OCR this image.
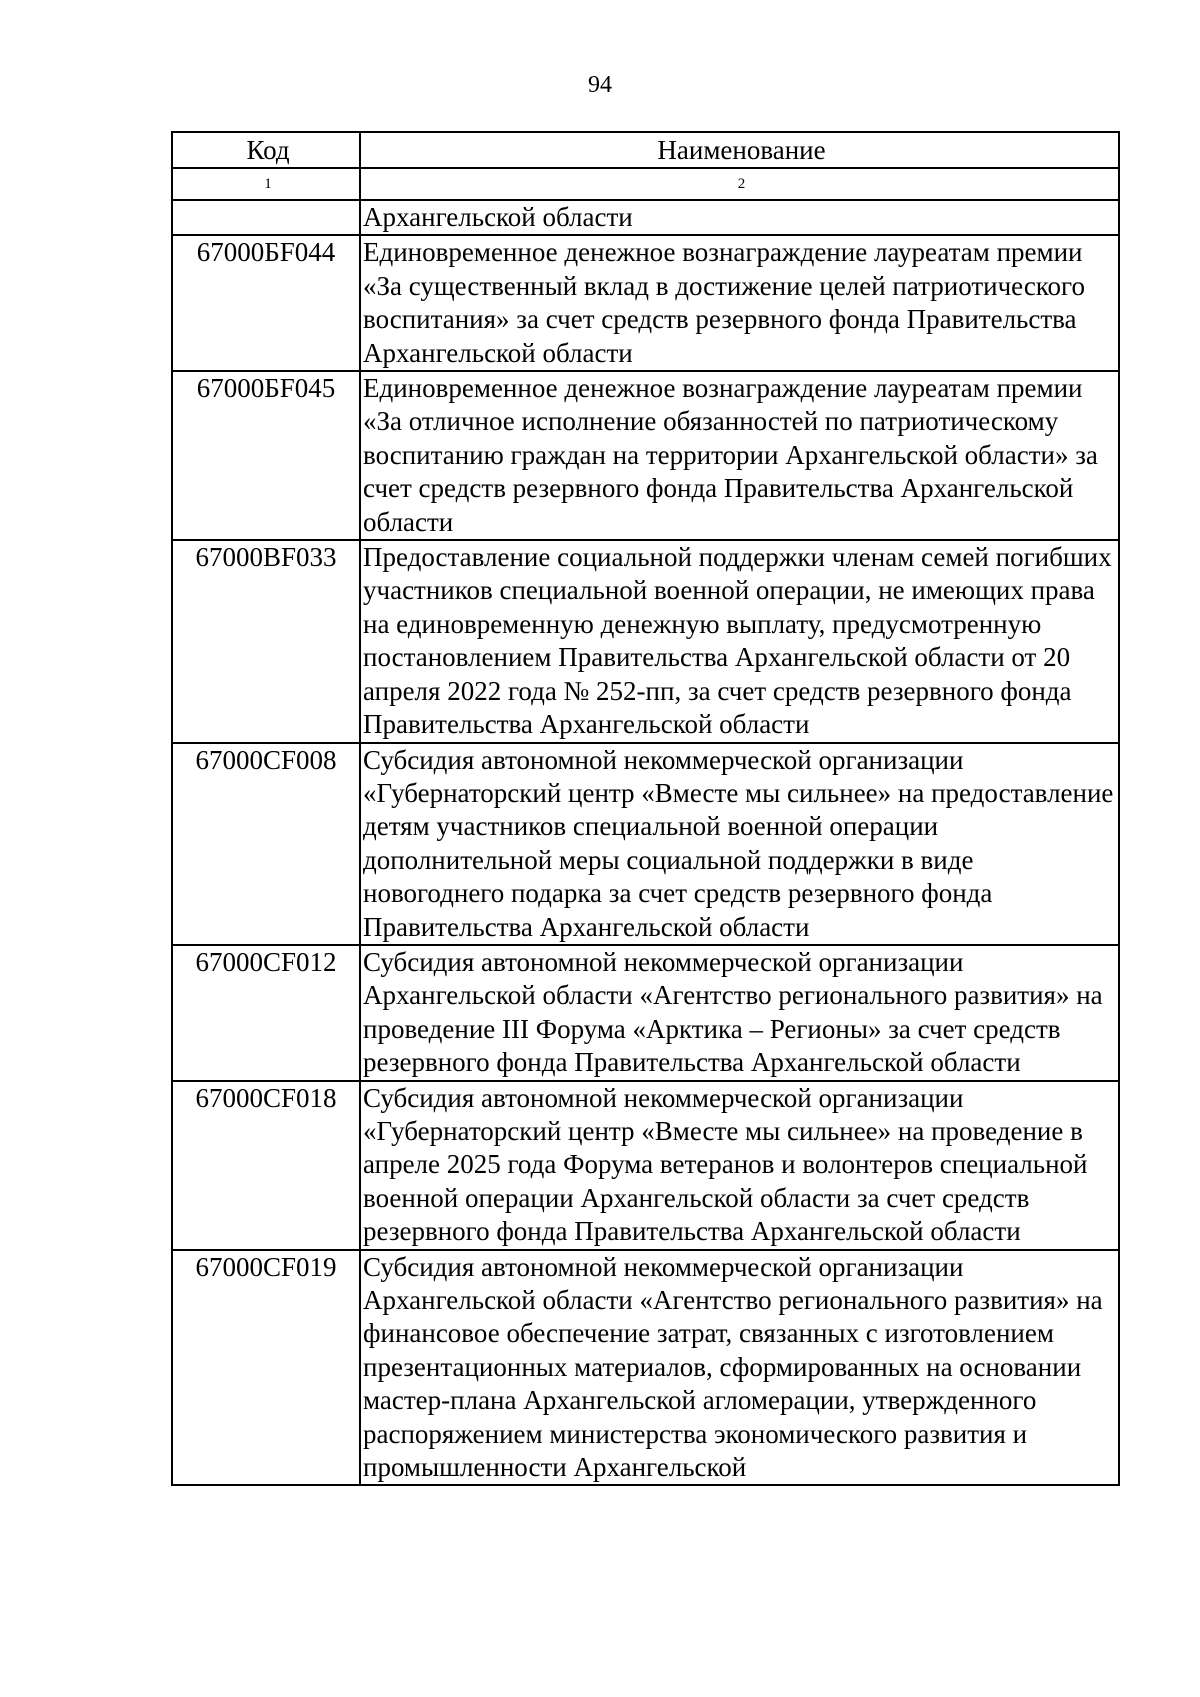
94
Код	Наименование
1	2
	Архангельской области
67000БF044	Единовременное денежное вознаграждение лауреатам премии «За существенный вклад в достижение целей патриотического воспитания» за счет средств резервного фонда Правительства Архангельской области
67000БF045	Единовременное денежное вознаграждение лауреатам премии «За отличное исполнение обязанностей по патриотическому воспитанию граждан на территории Архангельской области» за счет средств резервного фонда Правительства Архангельской области
67000ВF033	Предоставление социальной поддержки членам семей погибших участников специальной военной операции, не имеющих права на единовременную денежную выплату, предусмотренную постановлением Правительства Архангельской области от 20 апреля 2022 года № 252-пп, за счет средств резервного фонда Правительства Архангельской области
67000CF008	Субсидия автономной некоммерческой организации «Губернаторский центр «Вместе мы сильнее» на предоставление детям участников специальной военной операции дополнительной меры социальной поддержки в виде новогоднего подарка за счет средств резервного фонда Правительства Архангельской области
67000CF012	Субсидия автономной некоммерческой организации Архангельской области «Агентство регионального развития» на проведение III Форума «Арктика – Регионы» за счет средств резервного фонда Правительства Архангельской области
67000CF018	Субсидия автономной некоммерческой организации «Губернаторский центр «Вместе мы сильнее» на проведение в апреле 2025 года Форума ветеранов и волонтеров специальной военной операции Архангельской области за счет средств резервного фонда Правительства Архангельской области
67000CF019	Субсидия автономной некоммерческой организации Архангельской области «Агентство регионального развития» на финансовое обеспечение затрат, связанных с изготовлением презентационных материалов, сформированных на основании мастер-плана Архангельской агломерации, утвержденного распоряжением министерства экономического развития и промышленности Архангельской
